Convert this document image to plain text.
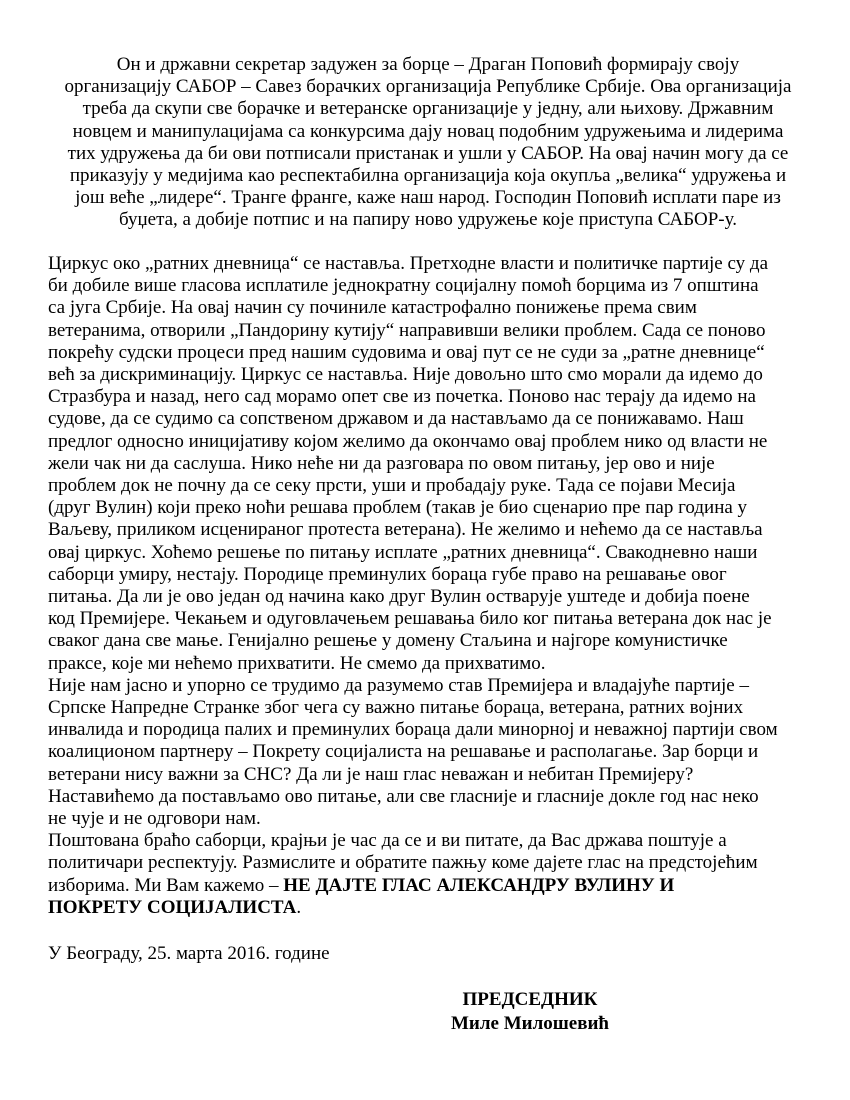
Он и државни секретар задужен за борце – Драган Поповић формирају своју
организацију САБОР – Савез борачких организација Републике Србије. Ова организација
треба да скупи све борачке и ветеранске организације у једну, али њихову. Државним
новцем и манипулацијама са конкурсима дају новац подобним удружењима и лидерима
тих удружења да би ови потписали пристанак и ушли у САБОР. На овај начин могу да се
приказују у медијима као респектабилна организација која окупља „велика“ удружења и
још веће „лидере“. Транге франге, каже наш народ. Господин Поповић исплати паре из
буџета, а добије потпис и на папиру ново удружење које приступа САБОР-у.
Циркус око „ратних дневница“ се наставља. Претходне власти и политичке партије су да
би добиле више гласова исплатиле једнократну социјалну помоћ борцима из 7 општина
са југа Србије. На овај начин су починиле катастрофално понижење према свим
ветеранима, отворили „Пандорину кутију“ направивши велики проблем. Сада се поново
покрећу судски процеси пред нашим судовима и овај пут се не суди за „ратне дневнице“
већ за дискриминацију. Циркус се наставља. Није довољно што смо морали да идемо до
Стразбура и назад, него сад морамо опет све из почетка. Поново нас терају да идемо на
судове, да се судимо са сопственом државом и да настављамо да се понижавамо. Наш
предлог односно иницијативу којом желимо да окончамо овај проблем нико од власти не
жели чак ни да саслуша. Нико неће ни да разговара по овом питању, јер ово и није
проблем док не почну да се секу прсти, уши и пробадају руке. Тада се појави Месија
(друг Вулин) који преко ноћи решава проблем (такав је био сценарио пре пар година у
Ваљеву, приликом исценираног протеста ветерана). Не желимо и нећемо да се наставља
овај циркус. Хоћемо решење по питању исплате „ратних дневница“. Свакодневно наши
саборци умиру, нестају. Породице преминулих бораца губе право на решавање овог
питања. Да ли је ово један од начина како друг Вулин остварује уштеде и добија поене
код Премијере. Чекањем и одуговлачењем решавања било ког питања ветерана док нас је
сваког дана све мање. Генијално решење у домену Стаљина и најгоре комунистичке
праксе, које ми нећемо прихватити. Не смемо да прихватимо.
Није нам јасно и упорно се трудимо да разумемо став Премијера и владајуће партије –
Српске Напредне Странке због чега су важно питање бораца, ветерана, ратних војних
инвалида и породица палих и преминулих бораца дали минорној и неважној партији свом
коалиционом партнеру – Покрету социјалиста на решавање и располагање. Зар борци и
ветерани нису важни за СНС? Да ли је наш глас неважан и небитан Премијеру?
Наставићемо да постављамо ово питање, али све гласније и гласније докле год нас неко
не чује и не одговори нам.
Поштована браћо саборци, крајњи је час да се и ви питате, да Вас држава поштује а
политичари респектују. Размислите и обратите пажњу коме дајете глас на предстојећим
изборима. Ми Вам кажемо – НЕ ДАЈТЕ ГЛАС АЛЕКСАНДРУ ВУЛИНУ И
ПОКРЕТУ СОЦИЈАЛИСТА.
У Београду, 25. марта 2016. године
ПРЕДСЕДНИК
Миле Милошевић
